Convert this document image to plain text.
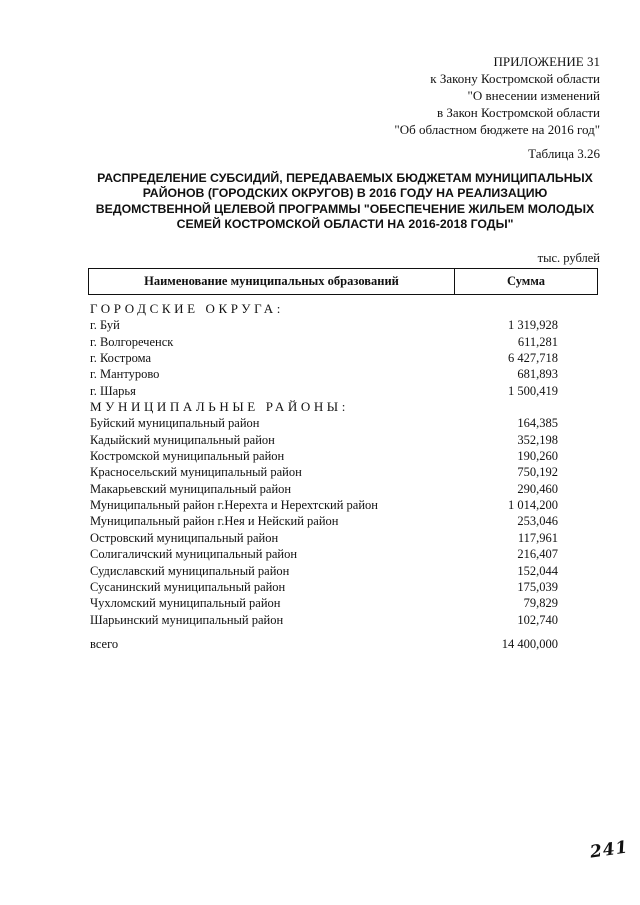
ПРИЛОЖЕНИЕ 31
к Закону Костромской области
"О внесении изменений
в Закон Костромской области
"Об областном бюджете на 2016 год"
Таблица 3.26
РАСПРЕДЕЛЕНИЕ СУБСИДИЙ, ПЕРЕДАВАЕМЫХ БЮДЖЕТАМ МУНИЦИПАЛЬНЫХ
РАЙОНОВ (ГОРОДСКИХ ОКРУГОВ) В 2016 ГОДУ НА РЕАЛИЗАЦИЮ
ВЕДОМСТВЕННОЙ ЦЕЛЕВОЙ ПРОГРАММЫ "ОБЕСПЕЧЕНИЕ ЖИЛЬЕМ МОЛОДЫХ
СЕМЕЙ КОСТРОМСКОЙ ОБЛАСТИ НА 2016-2018 ГОДЫ"
тыс. рублей
Наименование муниципальных образований	Сумма
ГОРОДСКИЕ ОКРУГА:
г. Буй	1 319,928
г. Волгореченск	611,281
г. Кострома	6 427,718
г. Мантурово	681,893
г. Шарья	1 500,419
МУНИЦИПАЛЬНЫЕ РАЙОНЫ:
Буйский муниципальный район	164,385
Кадыйский муниципальный район	352,198
Костромской муниципальный район	190,260
Красносельский муниципальный район	750,192
Макарьевский муниципальный район	290,460
Муниципальный район г.Нерехта и Нерехтский район	1 014,200
Муниципальный район г.Нея и Нейский район	253,046
Островский муниципальный район	117,961
Солигаличский муниципальный район	216,407
Судиславский муниципальный район	152,044
Сусанинский муниципальный район	175,039
Чухломский муниципальный район	79,829
Шарьинский муниципальный район	102,740
всего	14 400,000
241
